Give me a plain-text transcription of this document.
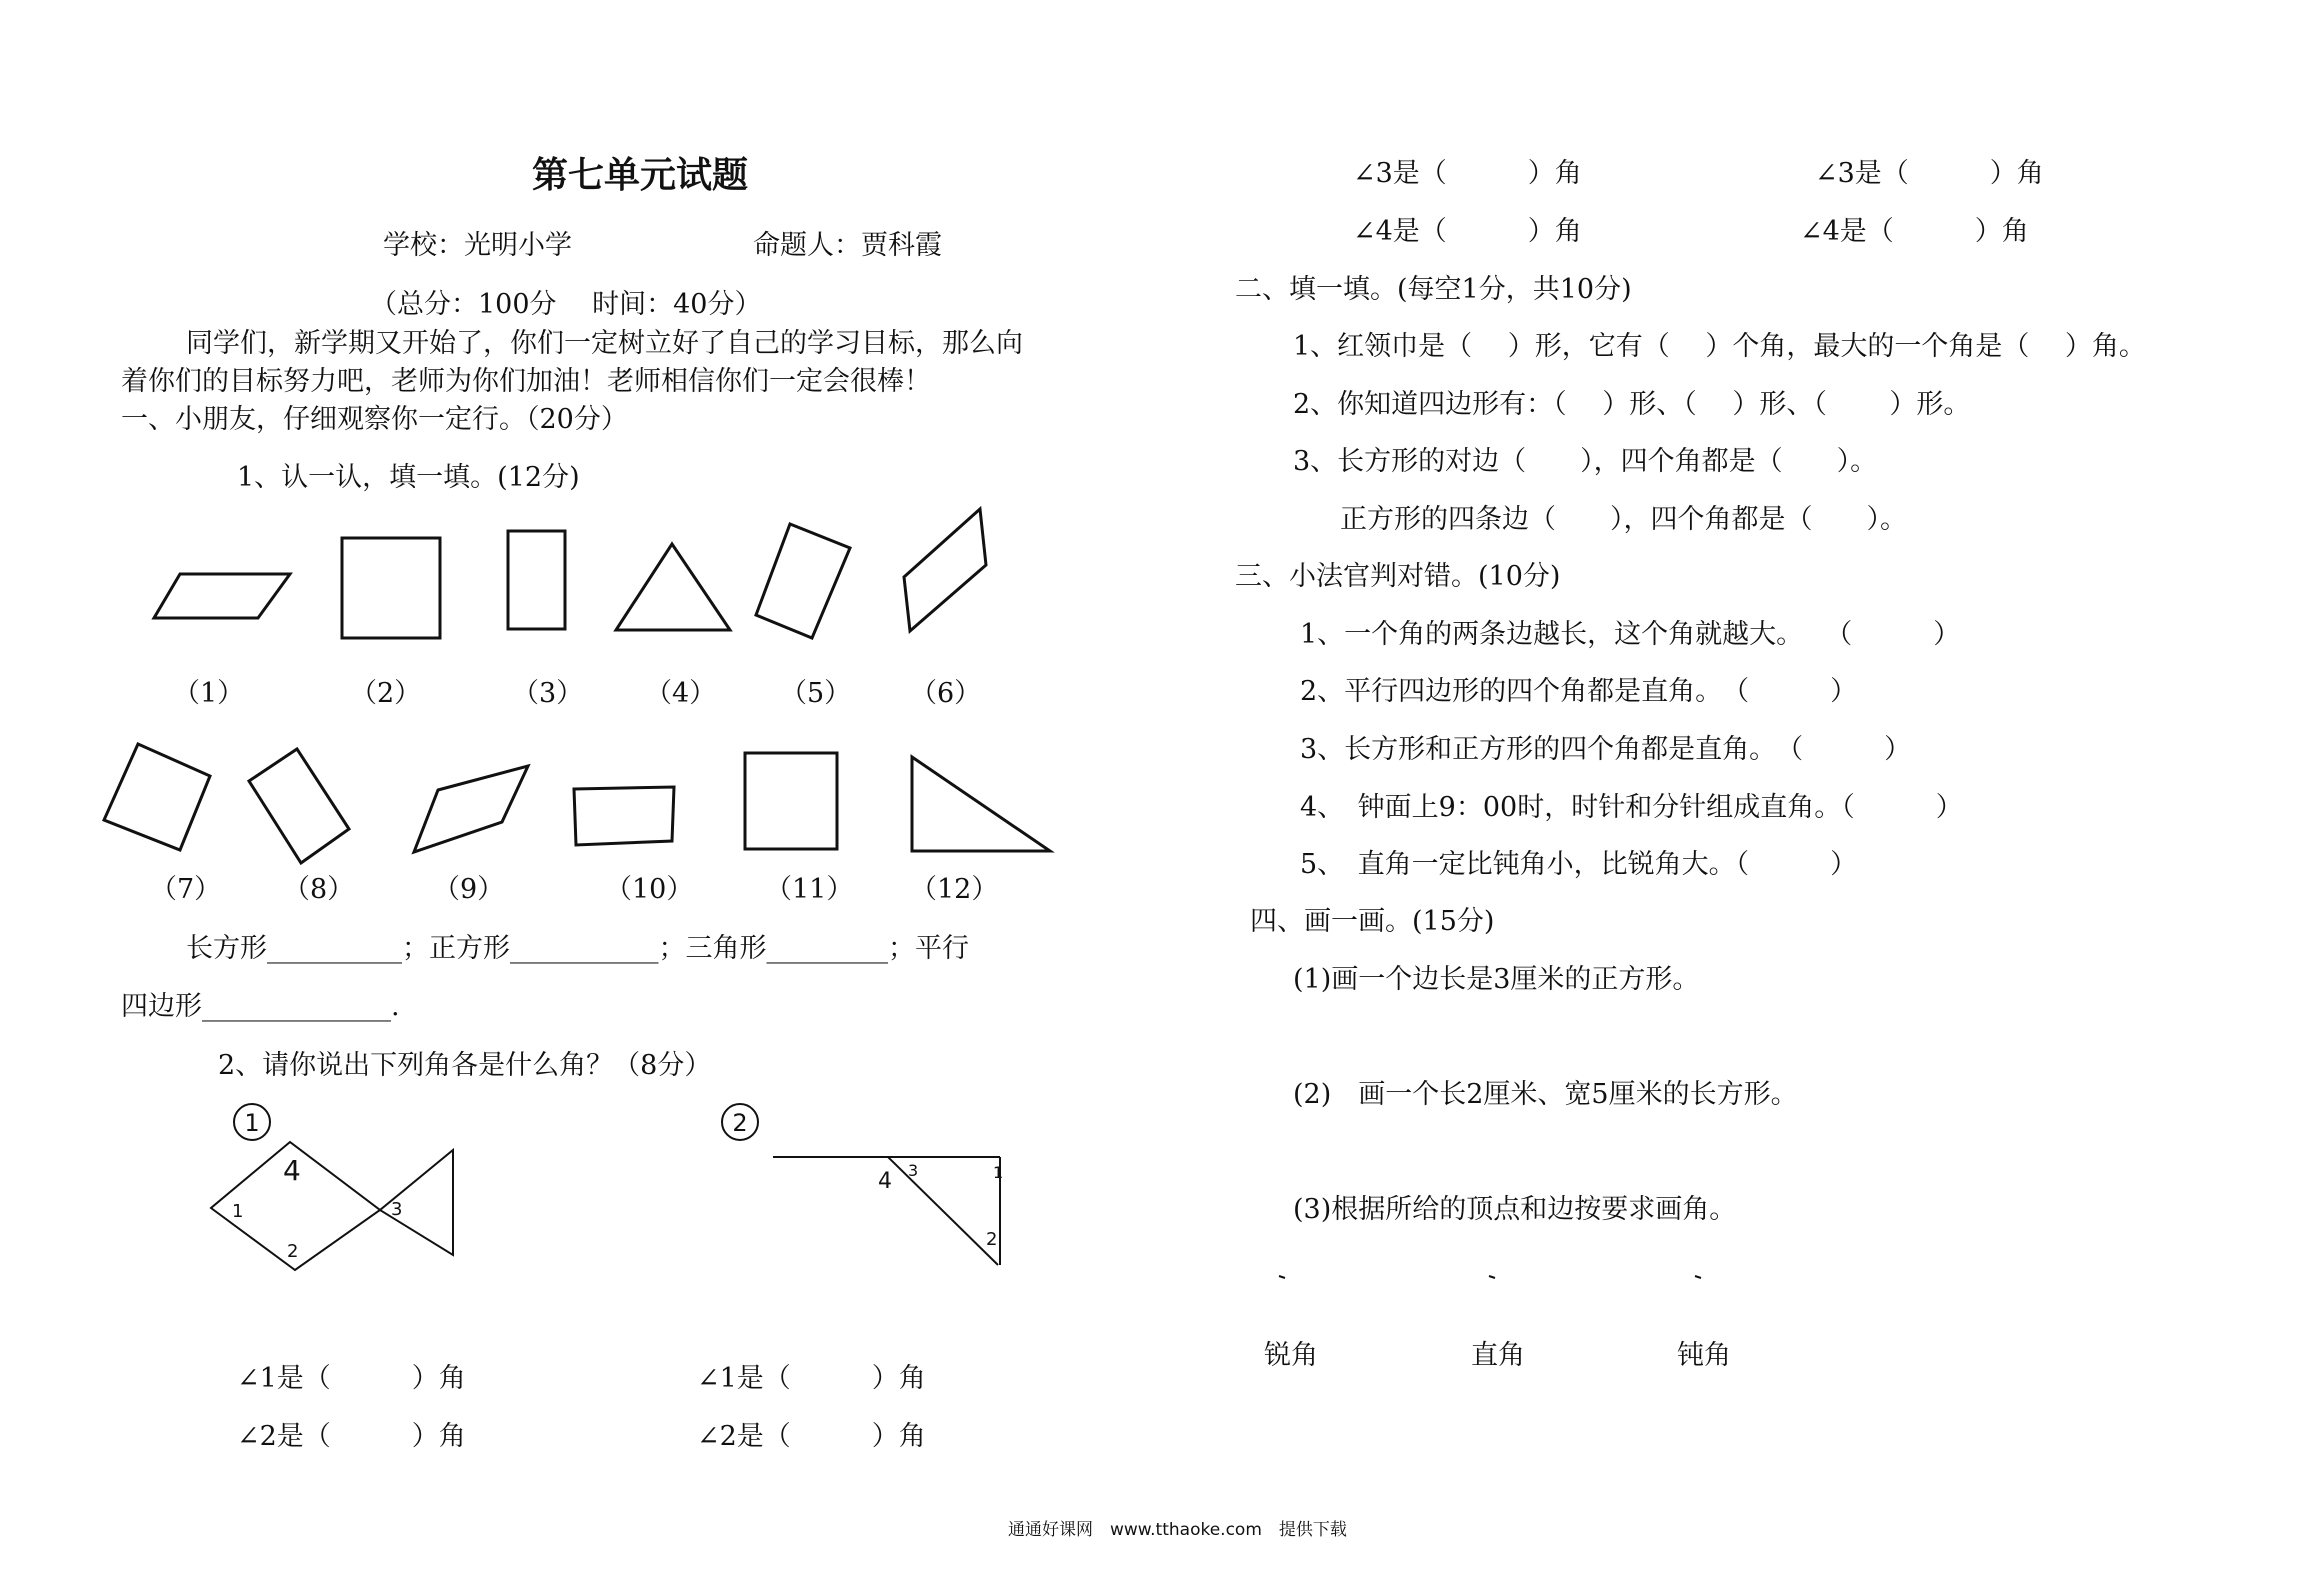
第七单元试题
学校：光明小学	命题人：贾科霞
（总分：100分　 时间：40分）
同学们，新学期又开始了，你们一定树立好了自己的学习目标，那么向
着你们的目标努力吧，老师为你们加油！老师相信你们一定会很棒！
一、小朋友，仔细观察你一定行。（20分）
1、认一认，填一填。(12分)
（1）	（2）	（3） （4） （5） （6）
（7） （8）	（9）	（10）	（11） （12）
长方形__________；正方形___________；三角形_________；平行
四边形______________.
2、请你说出下列角各是什么角？（8分）
1
1
2
3
4
2
1
2
3
4
∠1是（　　　）角
∠2是（　　　）角
∠1是（　　　）角
∠2是（　　　）角
∠3是（　　　）角	∠3是（　　　）角
∠4是（　　　）角	∠4是（　　　）角
二、填一填。(每空1分，共10分)
1、红领巾是（　 ）形，它有（　 ）个角，最大的一个角是（　 ）角。
2、你知道四边形有：（　 ）形、（　 ）形、（　　 ）形。
3、长方形的对边（　　），四个角都是（　　）。
正方形的四条边（　　），四个角都是（　　）。
三、小法官判对错。(10分)
1、一个角的两条边越长，这个角就越大。　 （　　　）
2、平行四边形的四个角都是直角。　（　　　）
3、长方形和正方形的四个角都是直角。　（　　　）
4、　钟面上9：00时，时针和分针组成直角。（　　　）
5、　直角一定比钝角小，比锐角大。（　　　）
四、画一画。(15分)
(1)画一个边长是3厘米的正方形。
(2)　画一个长2厘米、宽5厘米的长方形。
(3)根据所给的顶点和边按要求画角。
锐角	直角	钝角
通通好课网　www.tthaoke.com　提供下载
